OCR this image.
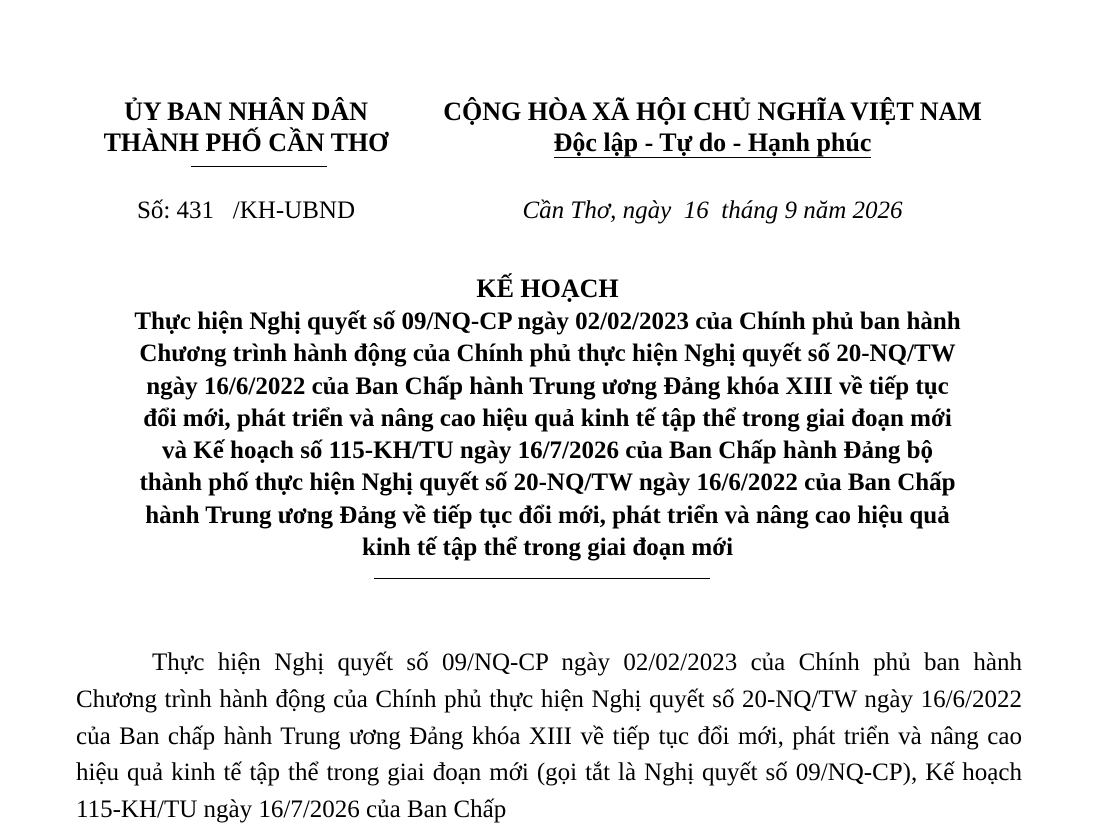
ỦY BAN NHÂN DÂN
THÀNH PHỐ CẦN THƠ
CỘNG HÒA XÃ HỘI CHỦ NGHĨA VIỆT NAM
Độc lập - Tự do - Hạnh phúc
Số: 431   /KH-UBND	Cần Thơ, ngày  16  tháng 9 năm 2026

KẾ HOẠCH

Thực hiện Nghị quyết số 09/NQ-CP ngày 02/02/2023 của Chính phủ ban hành

Chương trình hành động của Chính phủ thực hiện Nghị quyết số 20-NQ/TW

ngày 16/6/2022 của Ban Chấp hành Trung ương Đảng khóa XIII về tiếp tục

đổi mới, phát triển và nâng cao hiệu quả kinh tế tập thể trong giai đoạn mới

và Kế hoạch số 115-KH/TU ngày 16/7/2026 của Ban Chấp hành Đảng bộ

thành phố thực hiện Nghị quyết số 20-NQ/TW ngày 16/6/2022 của Ban Chấp

hành Trung ương Đảng về tiếp tục đổi mới, phát triển và nâng cao hiệu quả

kinh tế tập thể trong giai đoạn mới

Thực hiện Nghị quyết số 09/NQ-CP ngày 02/02/2023 của Chính phủ ban hành Chương trình hành động của Chính phủ thực hiện Nghị quyết số 20-NQ/TW ngày 16/6/2022 của Ban chấp hành Trung ương Đảng khóa XIII về tiếp tục đổi mới, phát triển và nâng cao hiệu quả kinh tế tập thể trong giai đoạn mới (gọi tắt là Nghị quyết số 09/NQ-CP), Kế hoạch 115-KH/TU ngày 16/7/2026 của Ban Chấp
